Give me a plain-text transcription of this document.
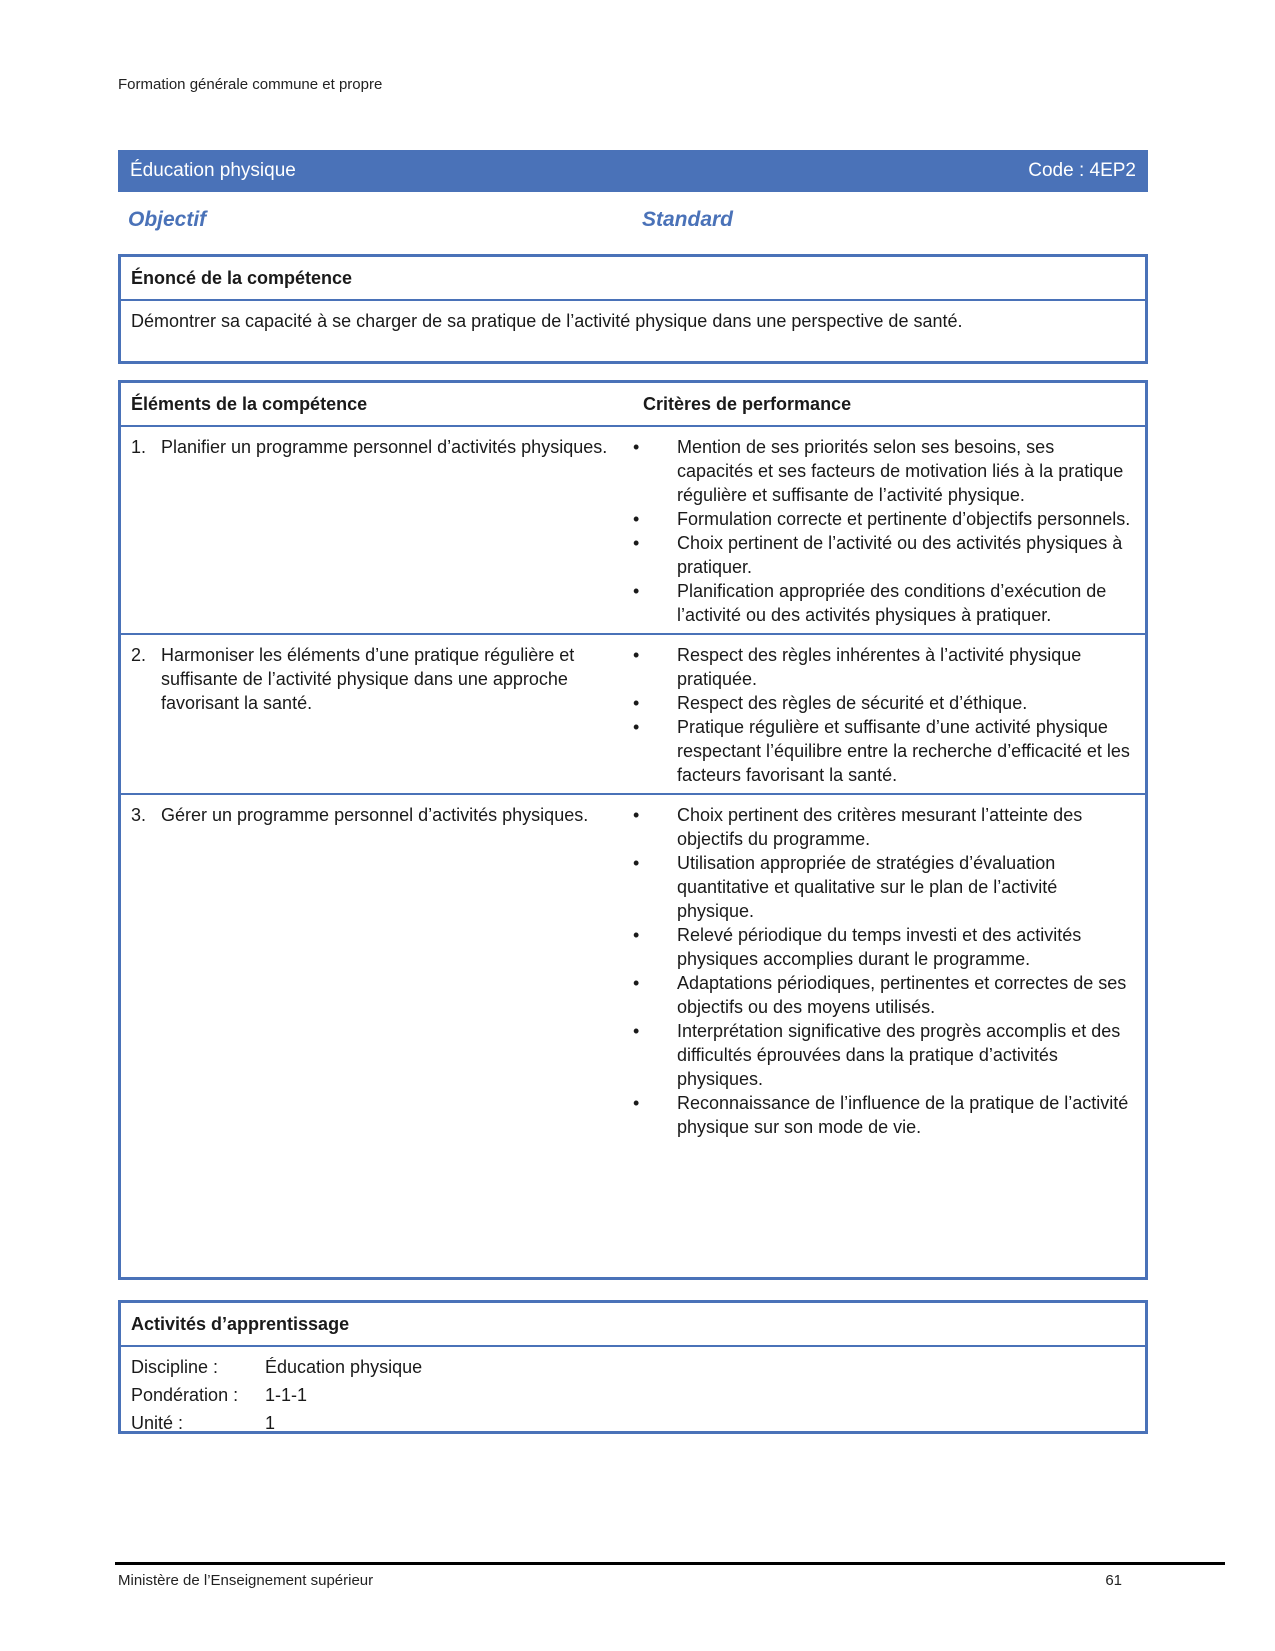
Formation générale commune et propre
Éducation physique	Code : 4EP2
Objectif	Standard
Énoncé de la compétence
Démontrer sa capacité à se charger de sa pratique de l’activité physique dans une perspective de santé.
Éléments de la compétence	Critères de performance
1. Planifier un programme personnel d’activités physiques.	•	Mention de ses priorités selon ses besoins, ses capacités et ses facteurs de motivation liés à la pratique régulière et suffisante de l’activité physique.
•	Formulation correcte et pertinente d’objectifs personnels.
•	Choix pertinent de l’activité ou des activités physiques à pratiquer.
•	Planification appropriée des conditions d’exécution de l’activité ou des activités physiques à pratiquer.
2. Harmoniser les éléments d’une pratique régulière et suffisante de l’activité physique dans une approche favorisant la santé.
•	Respect des règles inhérentes à l’activité physique pratiquée.
•	Respect des règles de sécurité et d’éthique.
•	Pratique régulière et suffisante d’une activité physique respectant l’équilibre entre la recherche d’efficacité et les facteurs favorisant la santé.
3. Gérer un programme personnel d’activités physiques.	•	Choix pertinent des critères mesurant l’atteinte des objectifs du programme.
•	Utilisation appropriée de stratégies d’évaluation quantitative et qualitative sur le plan de l’activité physique.
•	Relevé périodique du temps investi et des activités physiques accomplies durant le programme.
•	Adaptations périodiques, pertinentes et correctes de ses objectifs ou des moyens utilisés.
•	Interprétation significative des progrès accomplis et des difficultés éprouvées dans la pratique d’activités physiques.
•	Reconnaissance de l’influence de la pratique de l’activité physique sur son mode de vie.
Activités d’apprentissage
Discipline :	Éducation physique
Pondération :	1-1-1
Unité :	1
Ministère de l’Enseignement supérieur	61
